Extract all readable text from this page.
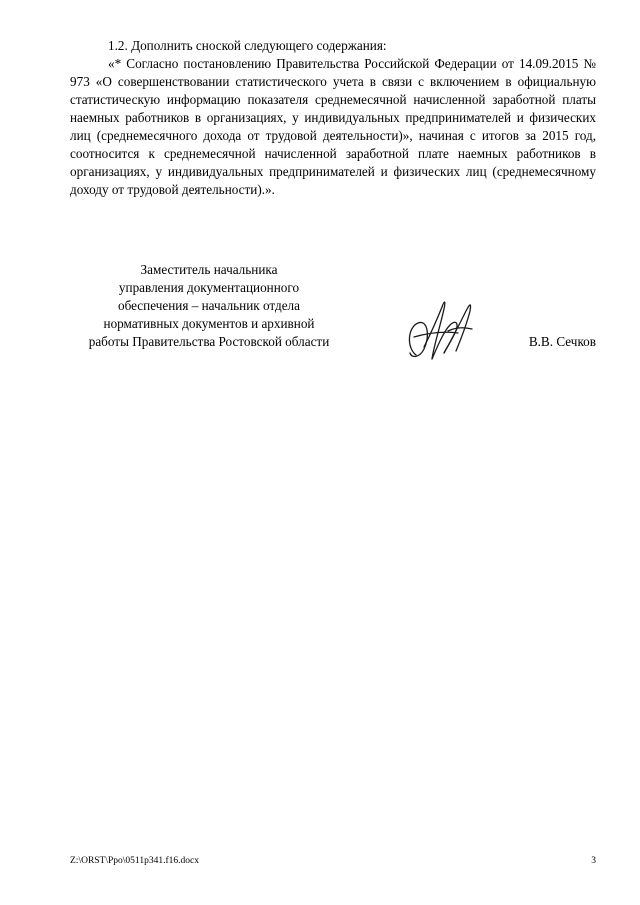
1.2. Дополнить сноской следующего содержания:

«* Согласно постановлению Правительства Российской Федерации от 14.09.2015 № 973 «О совершенствовании статистического учета в связи с включением в официальную статистическую информацию показателя среднемесячной начисленной заработной платы наемных работников в организациях, у индивидуальных предпринимателей и физических лиц (среднемесячного дохода от трудовой деятельности)», начиная с итогов за 2015 год, соотносится к среднемесячной начисленной заработной плате наемных работников в организациях, у индивидуальных предпринимателей и физических лиц (среднемесячному доходу от трудовой деятельности).».

Заместитель начальника
управления документационного
обеспечения – начальник отдела
нормативных документов и архивной
работы Правительства Ростовской области	В.В. Сечков
Z:\ORST\Ppo\0511p341.f16.docx	3
